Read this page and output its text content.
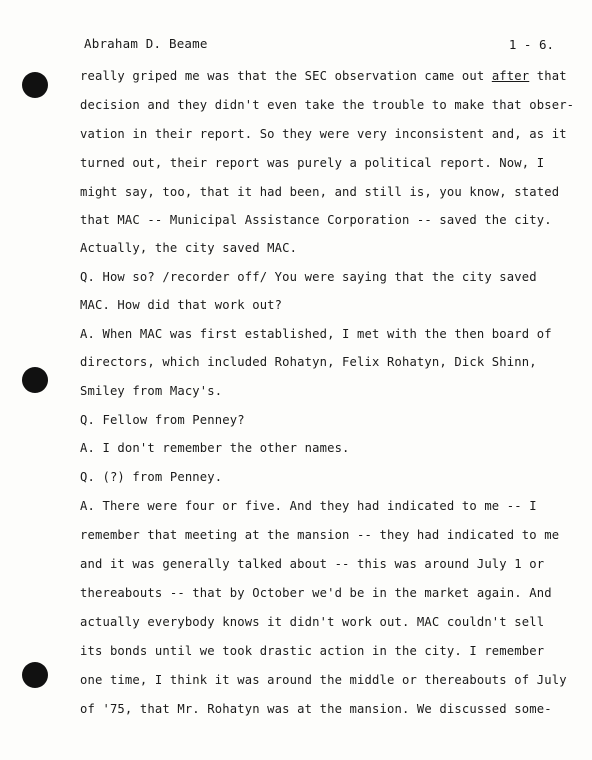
Abraham D. Beame	1 - 6.
really griped me was that the SEC observation came out after that
decision and they didn't even take the trouble to make that obser-
vation in their report. So they were very inconsistent and, as it
turned out, their report was purely a political report. Now, I
might say, too, that it had been, and still is, you know, stated
that MAC -- Municipal Assistance Corporation -- saved the city.
Actually, the city saved MAC.
Q. How so? /recorder off/ You were saying that the city saved
MAC. How did that work out?
A. When MAC was first established, I met with the then board of
directors, which included Rohatyn, Felix Rohatyn, Dick Shinn,
Smiley from Macy's.
Q. Fellow from Penney?
A. I don't remember the other names.
Q. (?) from Penney.
A. There were four or five. And they had indicated to me -- I
remember that meeting at the mansion -- they had indicated to me
and it was generally talked about -- this was around July 1 or
thereabouts -- that by October we'd be in the market again. And
actually everybody knows it didn't work out. MAC couldn't sell
its bonds until we took drastic action in the city. I remember
one time, I think it was around the middle or thereabouts of July
of '75, that Mr. Rohatyn was at the mansion. We discussed some-
